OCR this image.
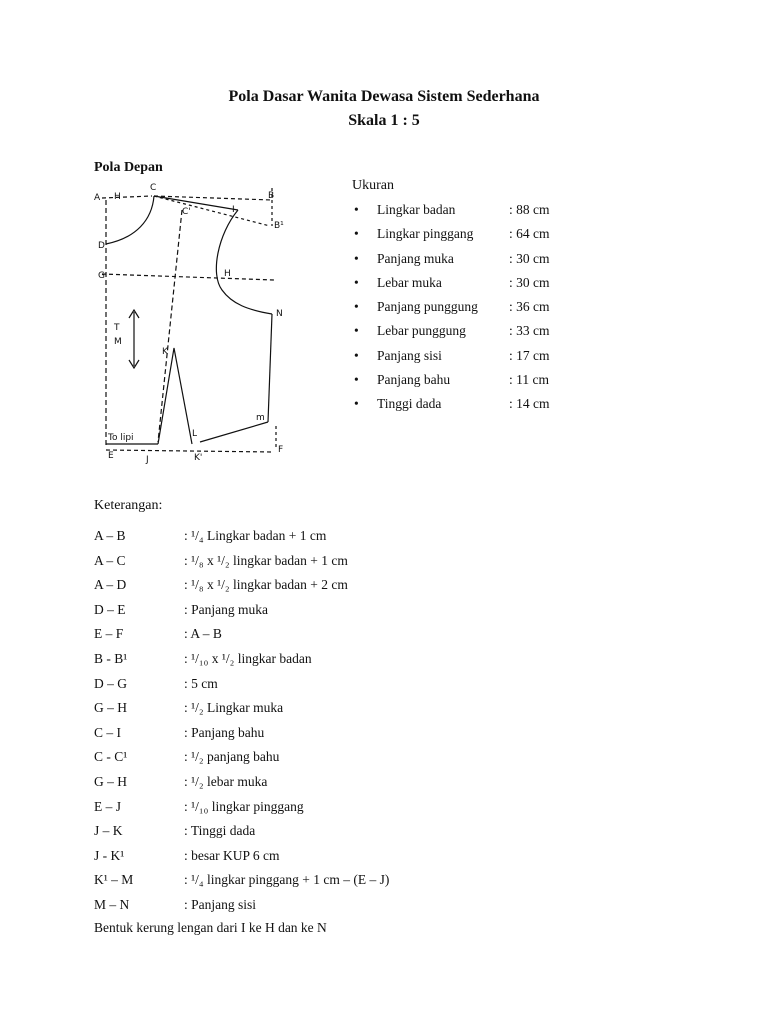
Pola Dasar Wanita Dewasa Sistem Sederhana
Skala 1 : 5
Pola Depan
A H
C
B
C'	I
B¹
D
G	H
N
T
M
K
L
m
To lipi
E	J	K'
F
Ukuran
• Lingkar badan	: 88 cm
• Lingkar pinggang	: 64 cm
• Panjang muka	: 30 cm
• Lebar muka	: 30 cm
• Panjang punggung : 36 cm
• Lebar punggung	: 33 cm
• Panjang sisi	: 17 cm
• Panjang bahu	: 11 cm
• Tinggi dada	: 14 cm
Keterangan:
A – B	: ¹/₄ Lingkar badan + 1 cm
A – C	: ¹/₈ x ¹/₂ lingkar badan + 1 cm
A – D	: ¹/₈ x ¹/₂ lingkar badan + 2 cm
D – E	: Panjang muka
E – F	: A – B
B - B¹	: ¹/₁₀ x ¹/₂ lingkar badan
D – G	: 5 cm
G – H	: ¹/₂ Lingkar muka
C – I	: Panjang bahu
C - C¹	: ¹/₂ panjang bahu
G – H	: ¹/₂ lebar muka
E – J	: ¹/₁₀ lingkar pinggang
J – K	: Tinggi dada
J - K¹	: besar KUP 6 cm
K¹ – M	: ¹/₄ lingkar pinggang + 1 cm – (E – J)
M – N	: Panjang sisi
Bentuk kerung lengan dari I ke H dan ke N
